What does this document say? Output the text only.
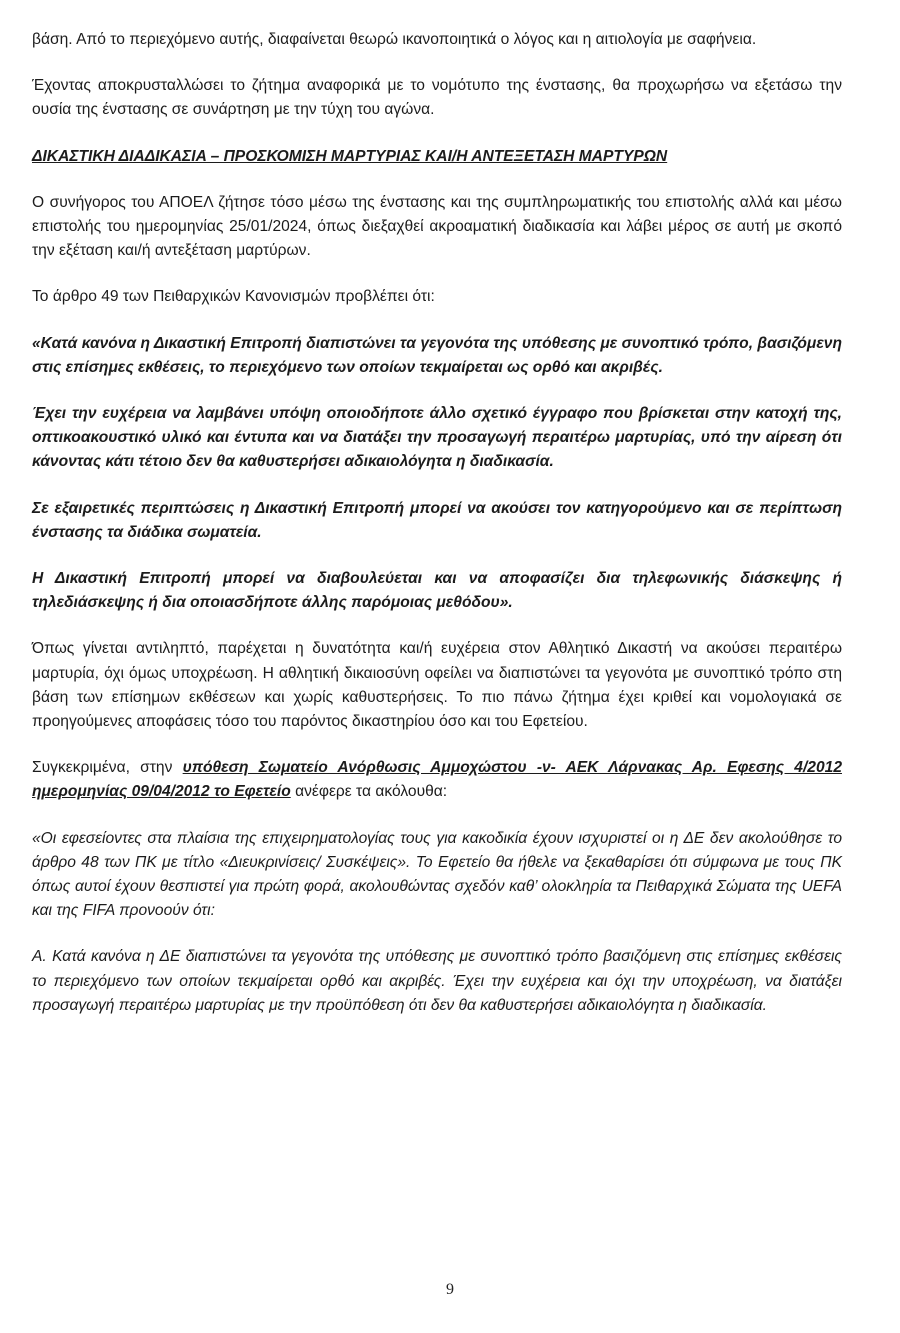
βάση. Από το περιεχόμενο αυτής, διαφαίνεται θεωρώ ικανοποιητικά ο λόγος και η αιτιολογία με σαφήνεια.

Έχοντας αποκρυσταλλώσει το ζήτημα αναφορικά με το νομότυπο της ένστασης, θα προχωρήσω να εξετάσω την ουσία της ένστασης σε συνάρτηση με την τύχη του αγώνα.

ΔΙΚΑΣΤΙΚΗ ΔΙΑΔΙΚΑΣΙΑ – ΠΡΟΣΚΟΜΙΣΗ ΜΑΡΤΥΡΙΑΣ ΚΑΙ/Η ΑΝΤΕΞΕΤΑΣΗ ΜΑΡΤΥΡΩΝ

Ο συνήγορος του ΑΠΟΕΛ ζήτησε τόσο μέσω της ένστασης και της συμπληρωματικής του επιστολής αλλά και μέσω επιστολής του ημερομηνίας 25/01/2024, όπως διεξαχθεί ακροαματική διαδικασία και λάβει μέρος σε αυτή με σκοπό την εξέταση και/ή αντεξέταση μαρτύρων.

Το άρθρο 49 των Πειθαρχικών Κανονισμών προβλέπει ότι:

«Κατά κανόνα η Δικαστική Επιτροπή διαπιστώνει τα γεγονότα της υπόθεσης με συνοπτικό τρόπο, βασιζόμενη στις επίσημες εκθέσεις, το περιεχόμενο των οποίων τεκμαίρεται ως ορθό και ακριβές.

Έχει την ευχέρεια να λαμβάνει υπόψη οποιοδήποτε άλλο σχετικό έγγραφο που βρίσκεται στην κατοχή της, οπτικοακουστικό υλικό και έντυπα και να διατάξει την προσαγωγή περαιτέρω μαρτυρίας, υπό την αίρεση ότι κάνοντας κάτι τέτοιο δεν θα καθυστερήσει αδικαιολόγητα η διαδικασία.

Σε εξαιρετικές περιπτώσεις η Δικαστική Επιτροπή μπορεί να ακούσει τον κατηγορούμενο και σε περίπτωση ένστασης τα διάδικα σωματεία.

Η Δικαστική Επιτροπή μπορεί να διαβουλεύεται και να αποφασίζει δια τηλεφωνικής διάσκεψης ή τηλεδιάσκεψης ή δια οποιασδήποτε άλλης παρόμοιας μεθόδου».

Όπως γίνεται αντιληπτό, παρέχεται η δυνατότητα και/ή ευχέρεια στον Αθλητικό Δικαστή να ακούσει περαιτέρω μαρτυρία, όχι όμως υποχρέωση. Η αθλητική δικαιοσύνη οφείλει να διαπιστώνει τα γεγονότα με συνοπτικό τρόπο στη βάση των επίσημων εκθέσεων και χωρίς καθυστερήσεις. Το πιο πάνω ζήτημα έχει κριθεί και νομολογιακά σε προηγούμενες αποφάσεις τόσο του παρόντος δικαστηρίου όσο και του Εφετείου.

Συγκεκριμένα, στην υπόθεση Σωματείο Ανόρθωσις Αμμοχώστου -ν- ΑΕΚ Λάρνακας Αρ. Εφεσης 4/2012 ημερομηνίας 09/04/2012 το Εφετείο ανέφερε τα ακόλουθα:

«Οι εφεσείοντες στα πλαίσια της επιχειρηματολογίας τους για κακοδικία έχουν ισχυριστεί οι η ΔΕ δεν ακολούθησε το άρθρο 48 των ΠΚ με τίτλο «Διευκρινίσεις/ Συσκέψεις». Το Εφετείο θα ήθελε να ξεκαθαρίσει ότι σύμφωνα με τους ΠΚ όπως αυτοί έχουν θεσπιστεί για πρώτη φορά, ακολουθώντας σχεδόν καθ’ ολοκληρία τα Πειθαρχικά Σώματα της UEFA και της FIFA προνοούν ότι:

Α. Κατά κανόνα η ΔΕ διαπιστώνει τα γεγονότα της υπόθεσης με συνοπτικό τρόπο βασιζόμενη στις επίσημες εκθέσεις το περιεχόμενο των οποίων τεκμαίρεται ορθό και ακριβές. Έχει την ευχέρεια και όχι την υποχρέωση, να διατάξει προσαγωγή περαιτέρω μαρτυρίας με την προϋπόθεση ότι δεν θα καθυστερήσει αδικαιολόγητα η διαδικασία.

9
